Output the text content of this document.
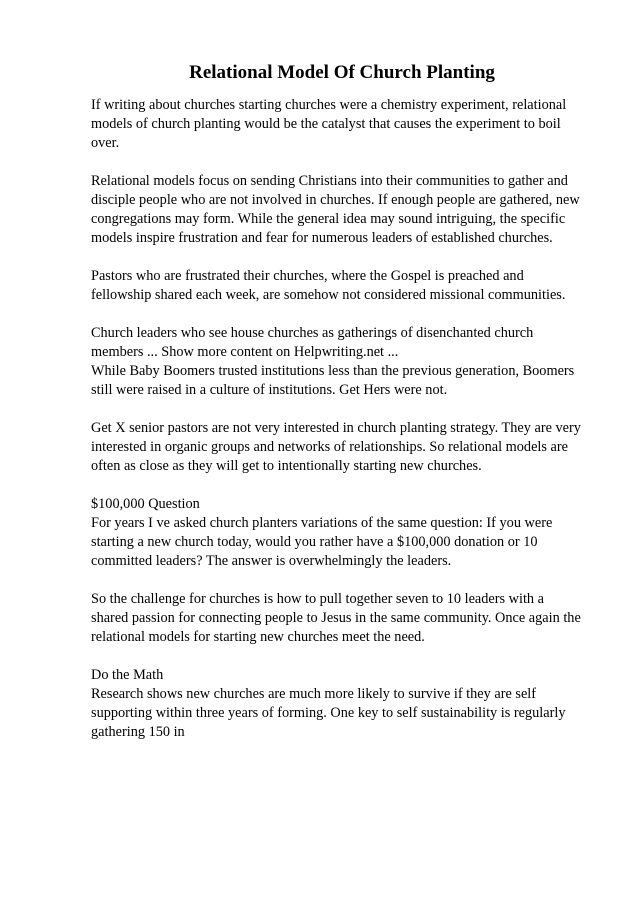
Relational Model Of Church Planting

If writing about churches starting churches were a chemistry experiment, relational
models of church planting would be the catalyst that causes the experiment to boil
over.

Relational models focus on sending Christians into their communities to gather and
disciple people who are not involved in churches. If enough people are gathered, new
congregations may form. While the general idea may sound intriguing, the specific
models inspire frustration and fear for numerous leaders of established churches.

Pastors who are frustrated their churches, where the Gospel is preached and
fellowship shared each week, are somehow not considered missional communities.

Church leaders who see house churches as gatherings of disenchanted church
members ... Show more content on Helpwriting.net ...
While Baby Boomers trusted institutions less than the previous generation, Boomers
still were raised in a culture of institutions. Get Hers were not.

Get X senior pastors are not very interested in church planting strategy. They are very
interested in organic groups and networks of relationships. So relational models are
often as close as they will get to intentionally starting new churches.

$100,000 Question
For years I ve asked church planters variations of the same question: If you were
starting a new church today, would you rather have a $100,000 donation or 10
committed leaders? The answer is overwhelmingly the leaders.

So the challenge for churches is how to pull together seven to 10 leaders with a
shared passion for connecting people to Jesus in the same community. Once again the
relational models for starting new churches meet the need.

Do the Math
Research shows new churches are much more likely to survive if they are self
supporting within three years of forming. One key to self sustainability is regularly
gathering 150 in
